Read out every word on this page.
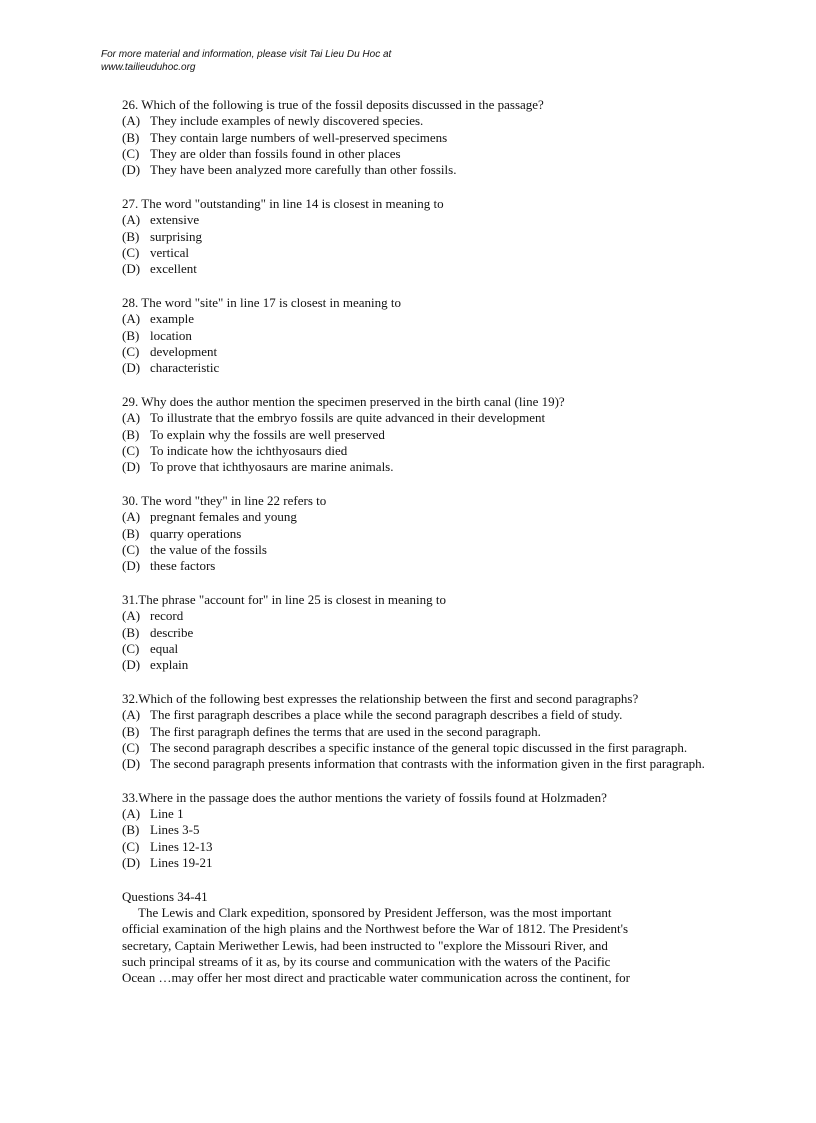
For more material and information, please visit Tai Lieu Du Hoc at
www.tailieuduhoc.org
26. Which of the following is true of the fossil deposits discussed in the passage?
(A) They include examples of newly discovered species.
(B) They contain large numbers of well-preserved specimens
(C) They are older than fossils found in other places
(D) They have been analyzed more carefully than other fossils.
27. The word "outstanding" in line 14 is closest in meaning to
(A) extensive
(B) surprising
(C) vertical
(D) excellent
28. The word "site" in line 17 is closest in meaning to
(A) example
(B) location
(C) development
(D) characteristic
29. Why does the author mention the specimen preserved in the birth canal (line 19)?
(A) To illustrate that the embryo fossils are quite advanced in their development
(B) To explain why the fossils are well preserved
(C) To indicate how the ichthyosaurs died
(D) To prove that ichthyosaurs are marine animals.
30. The word "they" in line 22 refers to
(A) pregnant females and young
(B) quarry operations
(C) the value of the fossils
(D) these factors
31.The phrase "account for" in line 25 is closest in meaning to
(A) record
(B) describe
(C) equal
(D) explain
32.Which of the following best expresses the relationship between the first and second paragraphs?
(A) The first paragraph describes a place while the second paragraph describes a field of study.
(B) The first paragraph defines the terms that are used in the second paragraph.
(C) The second paragraph describes a specific instance of the general topic discussed in the first paragraph.
(D) The second paragraph presents information that contrasts with the information given in the first paragraph.
33.Where in the passage does the author mentions the variety of fossils found at Holzmaden?
(A) Line 1
(B) Lines 3-5
(C) Lines 12-13
(D) Lines 19-21
Questions 34-41
The Lewis and Clark expedition, sponsored by President Jefferson, was the most important
official examination of the high plains and the Northwest before the War of 1812. The President's
secretary, Captain Meriwether Lewis, had been instructed to "explore the Missouri River, and
such principal streams of it as, by its course and communication with the waters of the Pacific
Ocean …may offer her most direct and practicable water communication across the continent, for
